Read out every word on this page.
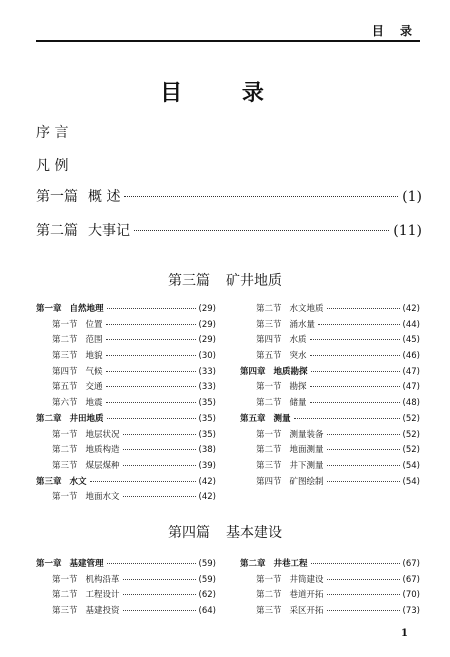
目 录
目 录
序 言
凡 例
第一篇 概 述	(1)
第二篇 大事记	(11)
第三篇 矿井地质
第一章 自然地理	(29)
第一节 位置	(29)
第二节 范围	(29)
第三节 地貌	(30)
第四节 气候	(33)
第五节 交通	(33)
第六节 地震	(35)
第二章 井田地质	(35)
第一节 地层状况	(35)
第二节 地质构造	(38)
第三节 煤层煤种	(39)
第三章 水文	(42)
第一节 地面水文	(42)
第二节 水文地质	(42)
第三节 涌水量	(44)
第四节 水质	(45)
第五节 突水	(46)
第四章 地质勘探	(47)
第一节 勘探	(47)
第二节 储量	(48)
第五章 测量	(52)
第一节 测量装备	(52)
第二节 地面测量	(52)
第三节 井下测量	(54)
第四节 矿图绘制	(54)
第四篇 基本建设
第一章 基建管理	(59)
第一节 机构沿革	(59)
第二节 工程设计	(62)
第三节 基建投资	(64)
第二章 井巷工程	(67)
第一节 井筒建设	(67)
第二节 巷道开拓	(70)
第三节 采区开拓	(73)
1
